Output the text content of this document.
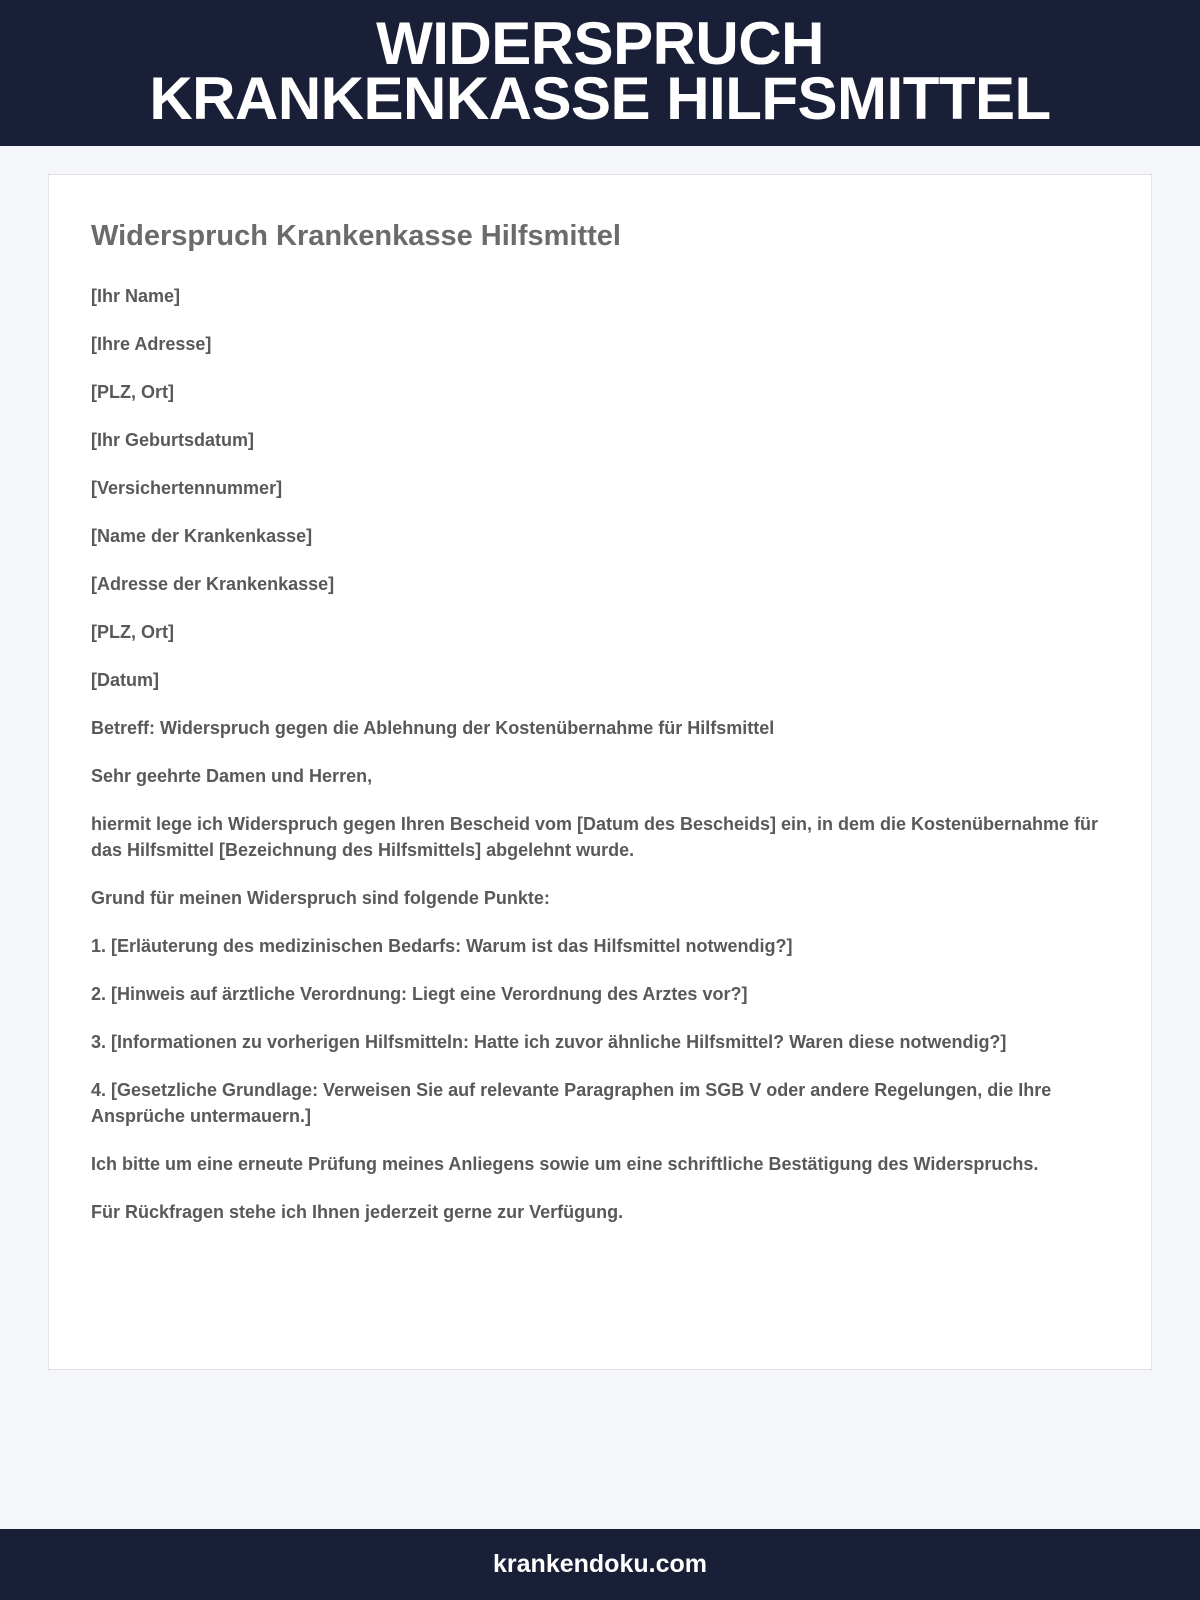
WIDERSPRUCH
KRANKENKASSE HILFSMITTEL
Widerspruch Krankenkasse Hilfsmittel

[Ihr Name]

[Ihre Adresse]

[PLZ, Ort]

[Ihr Geburtsdatum]

[Versichertennummer]

[Name der Krankenkasse]

[Adresse der Krankenkasse]

[PLZ, Ort]

[Datum]

Betreff: Widerspruch gegen die Ablehnung der Kostenübernahme für Hilfsmittel

Sehr geehrte Damen und Herren,

hiermit lege ich Widerspruch gegen Ihren Bescheid vom [Datum des Bescheids] ein, in dem die Kostenübernahme für das Hilfsmittel [Bezeichnung des Hilfsmittels] abgelehnt wurde.

Grund für meinen Widerspruch sind folgende Punkte:

1. [Erläuterung des medizinischen Bedarfs: Warum ist das Hilfsmittel notwendig?]

2. [Hinweis auf ärztliche Verordnung: Liegt eine Verordnung des Arztes vor?]

3. [Informationen zu vorherigen Hilfsmitteln: Hatte ich zuvor ähnliche Hilfsmittel? Waren diese notwendig?]

4. [Gesetzliche Grundlage: Verweisen Sie auf relevante Paragraphen im SGB V oder andere Regelungen, die Ihre Ansprüche untermauern.]

Ich bitte um eine erneute Prüfung meines Anliegens sowie um eine schriftliche Bestätigung des Widerspruchs.

Für Rückfragen stehe ich Ihnen jederzeit gerne zur Verfügung.

krankendoku.com
